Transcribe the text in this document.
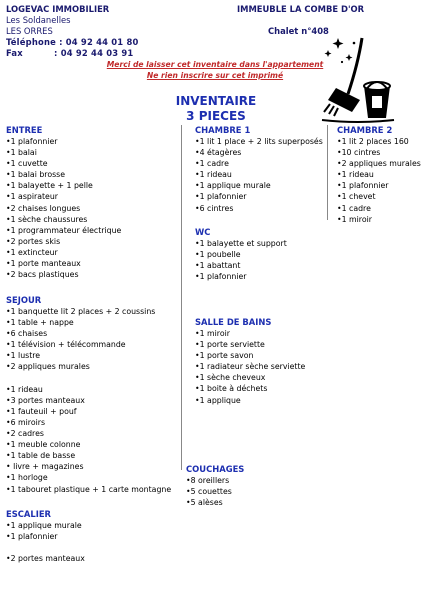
LOGEVAC IMMOBILIER
Les Soldanelles
LES ORRES
Téléphone : 04 92 44 01 80
Fax          : 04 92 44 03 91
IMMEUBLE LA COMBE D'OR
Chalet n°408
Merci de laisser cet inventaire dans l'appartement
Ne rien inscrire sur cet imprimé
INVENTAIRE
3 PIECES
ENTREE
•1 plafonnier
•1 balai
•1 cuvette
•1 balai brosse
•1 balayette + 1 pelle
•1 aspirateur
•2 chaises longues
•1 sèche chaussures
•1 programmateur électrique
•2 portes skis
•1 extincteur
•1 porte manteaux
•2 bacs plastiques
SEJOUR
•1 banquette lit 2 places + 2 coussins
•1 table + nappe
•6 chaises
•1 télévision + télécommande
•1 lustre
•2 appliques murales
•1 rideau
•3 portes manteaux
•1 fauteuil + pouf
•6 miroirs
•2 cadres
•1 meuble colonne
•1 table de basse
• livre + magazines
•1 horloge
•1 tabouret plastique + 1 carte montagne
ESCALIER
•1 applique murale
•1 plafonnier
•2 portes manteaux
CHAMBRE 1
•1 lit 1 place + 2 lits superposés
•4 étagères
•1 cadre
•1 rideau
•1 applique murale
•1 plafonnier
•6 cintres
WC
•1 balayette et support
•1 poubelle
•1 abattant
•1 plafonnier
SALLE DE BAINS
•1 miroir
•1 porte serviette
•1 porte savon
•1 radiateur sèche serviette
•1 sèche cheveux
•1 boite à déchets
•1 applique
COUCHAGES
•8 oreillers
•5 couettes
•5 alèses
CHAMBRE 2
•1 lit 2 places 160
•10 cintres
•2 appliques murales
•1 rideau
•1 plafonnier
•1 chevet
•1 cadre
•1 miroir
